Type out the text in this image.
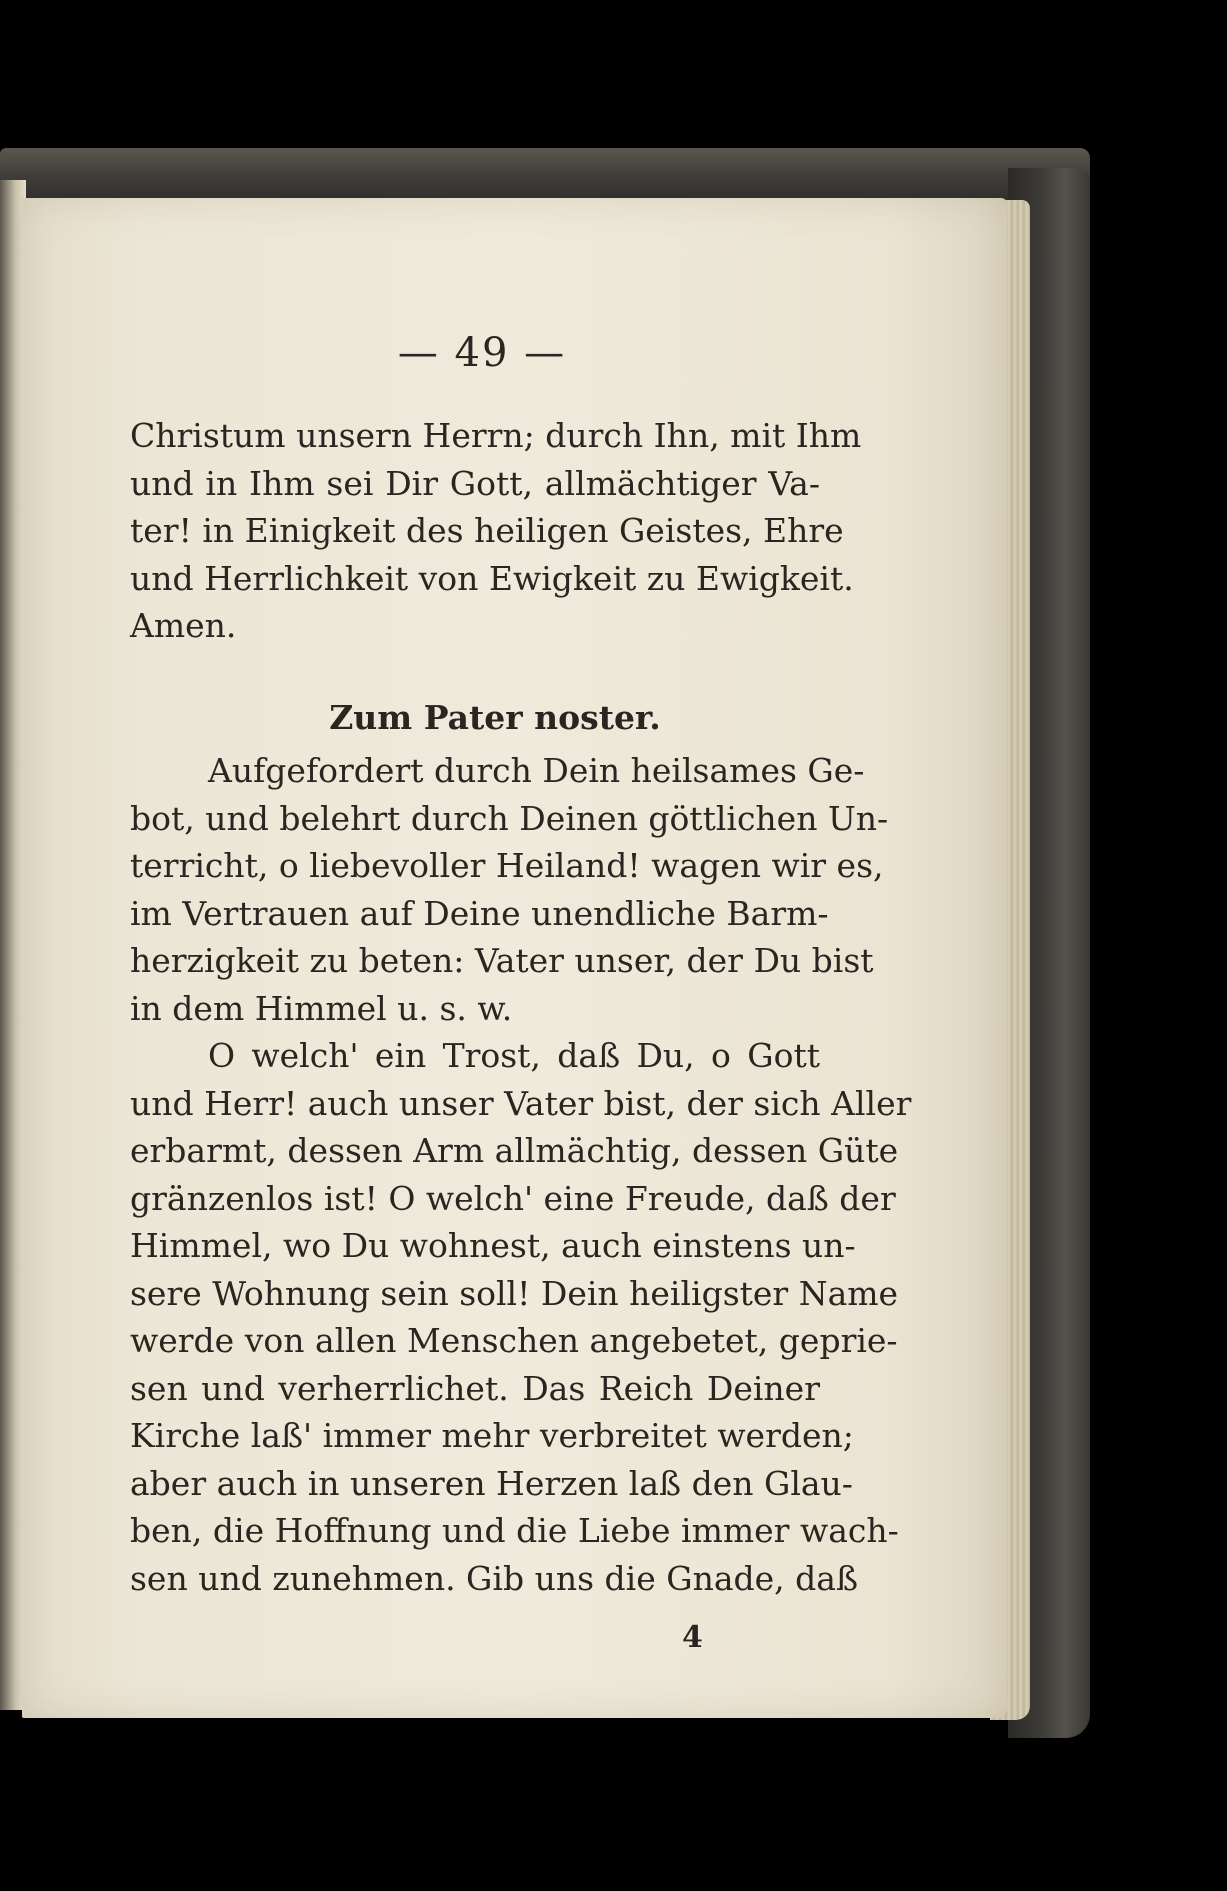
— 49 —
Christum unsern Herrn; durch Ihn, mit Ihm
und in Ihm sei Dir Gott, allmächtiger Va-
ter! in Einigkeit des heiligen Geistes, Ehre
und Herrlichkeit von Ewigkeit zu Ewigkeit.
Amen.
Zum Pater noster.
Aufgefordert durch Dein heilsames Ge-
bot, und belehrt durch Deinen göttlichen Un-
terricht, o liebevoller Heiland! wagen wir es,
im Vertrauen auf Deine unendliche Barm-
herzigkeit zu beten: Vater unser, der Du bist
in dem Himmel u. s. w.
O welch' ein Trost, daß Du, o Gott
und Herr! auch unser Vater bist, der sich Aller
erbarmt, dessen Arm allmächtig, dessen Güte
gränzenlos ist! O welch' eine Freude, daß der
Himmel, wo Du wohnest, auch einstens un-
sere Wohnung sein soll! Dein heiligster Name
werde von allen Menschen angebetet, geprie-
sen und verherrlichet. Das Reich Deiner
Kirche laß' immer mehr verbreitet werden;
aber auch in unseren Herzen laß den Glau-
ben, die Hoffnung und die Liebe immer wach-
sen und zunehmen. Gib uns die Gnade, daß
4
